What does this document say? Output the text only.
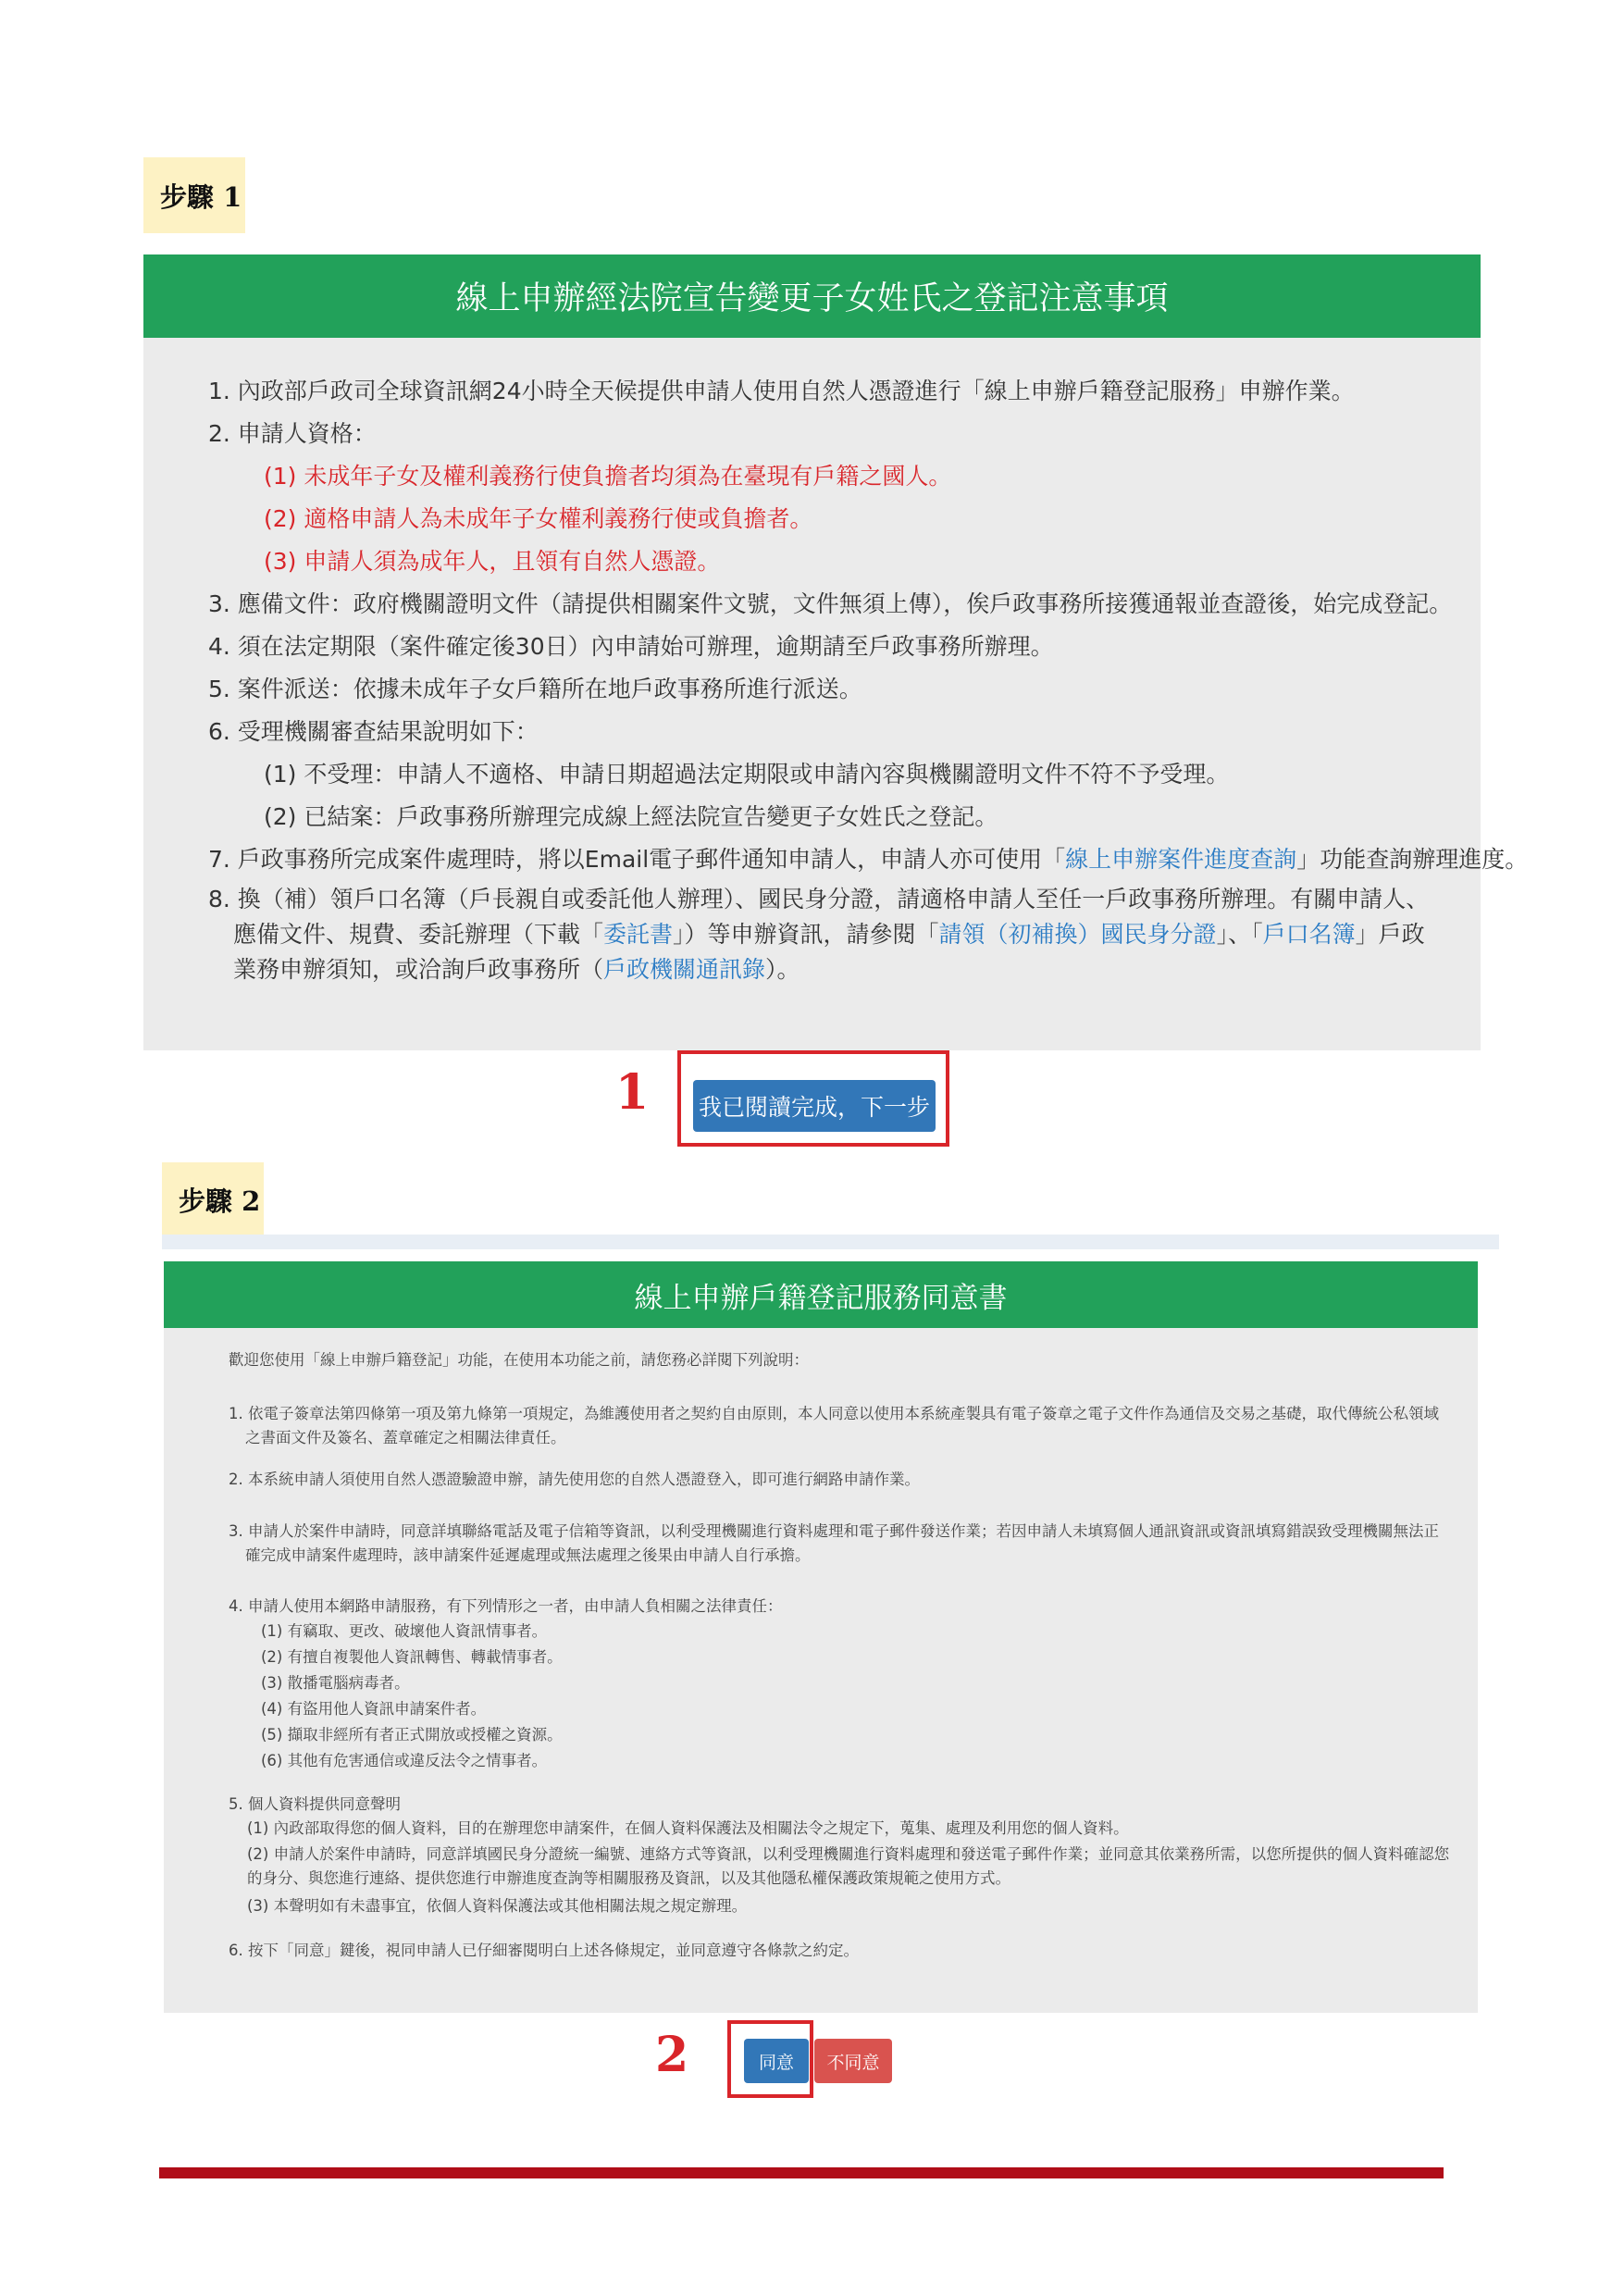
步驟 1
線上申辦經法院宣告變更子女姓氏之登記注意事項
1. 內政部戶政司全球資訊網24小時全天候提供申請人使用自然人憑證進行「線上申辦戶籍登記服務」申辦作業。
2. 申請人資格：
(1) 未成年子女及權利義務行使負擔者均須為在臺現有戶籍之國人。
(2) 適格申請人為未成年子女權利義務行使或負擔者。
(3) 申請人須為成年人，且領有自然人憑證。
3. 應備文件：政府機關證明文件（請提供相關案件文號，文件無須上傳），俟戶政事務所接獲通報並查證後，始完成登記。
4. 須在法定期限（案件確定後30日）內申請始可辦理，逾期請至戶政事務所辦理。
5. 案件派送：依據未成年子女戶籍所在地戶政事務所進行派送。
6. 受理機關審查結果說明如下：
(1) 不受理：申請人不適格、申請日期超過法定期限或申請內容與機關證明文件不符不予受理。
(2) 已結案：戶政事務所辦理完成線上經法院宣告變更子女姓氏之登記。
7. 戶政事務所完成案件處理時，將以Email電子郵件通知申請人，申請人亦可使用「線上申辦案件進度查詢」功能查詢辦理進度。
8. 換（補）領戶口名簿（戶長親自或委託他人辦理）、國民身分證，請適格申請人至任一戶政事務所辦理。有關申請人、應備文件、規費、委託辦理（下載「委託書」）等申辦資訊，請參閱「請領（初補換）國民身分證」、「戶口名簿」戶政業務申辦須知，或洽詢戶政事務所（戶政機關通訊錄）。
1 我已閱讀完成，下一步
步驟 2
線上申辦戶籍登記服務同意書
歡迎您使用「線上申辦戶籍登記」功能，在使用本功能之前，請您務必詳閱下列說明：
1. 依電子簽章法第四條第一項及第九條第一項規定，為維護使用者之契約自由原則，本人同意以使用本系統產製具有電子簽章之電子文件作為通信及交易之基礎，取代傳統公私領域之書面文件及簽名、蓋章確定之相關法律責任。
2. 本系統申請人須使用自然人憑證驗證申辦，請先使用您的自然人憑證登入，即可進行網路申請作業。
3. 申請人於案件申請時，同意詳填聯絡電話及電子信箱等資訊，以利受理機關進行資料處理和電子郵件發送作業；若因申請人未填寫個人通訊資訊或資訊填寫錯誤致受理機關無法正確完成申請案件處理時，該申請案件延遲處理或無法處理之後果由申請人自行承擔。
4. 申請人使用本網路申請服務，有下列情形之一者，由申請人負相關之法律責任：
(1) 有竊取、更改、破壞他人資訊情事者。
(2) 有擅自複製他人資訊轉售、轉載情事者。
(3) 散播電腦病毒者。
(4) 有盜用他人資訊申請案件者。
(5) 擷取非經所有者正式開放或授權之資源。
(6) 其他有危害通信或違反法令之情事者。
5. 個人資料提供同意聲明
(1) 內政部取得您的個人資料，目的在辦理您申請案件，在個人資料保護法及相關法令之規定下，蒐集、處理及利用您的個人資料。
(2) 申請人於案件申請時，同意詳填國民身分證統一編號、連絡方式等資訊，以利受理機關進行資料處理和發送電子郵件作業；並同意其依業務所需，以您所提供的個人資料確認您的身分、與您進行連絡、提供您進行申辦進度查詢等相關服務及資訊，以及其他隱私權保護政策規範之使用方式。
(3) 本聲明如有未盡事宜，依個人資料保護法或其他相關法規之規定辦理。
6. 按下「同意」鍵後，視同申請人已仔細審閱明白上述各條規定，並同意遵守各條款之約定。
2	同意	不同意
